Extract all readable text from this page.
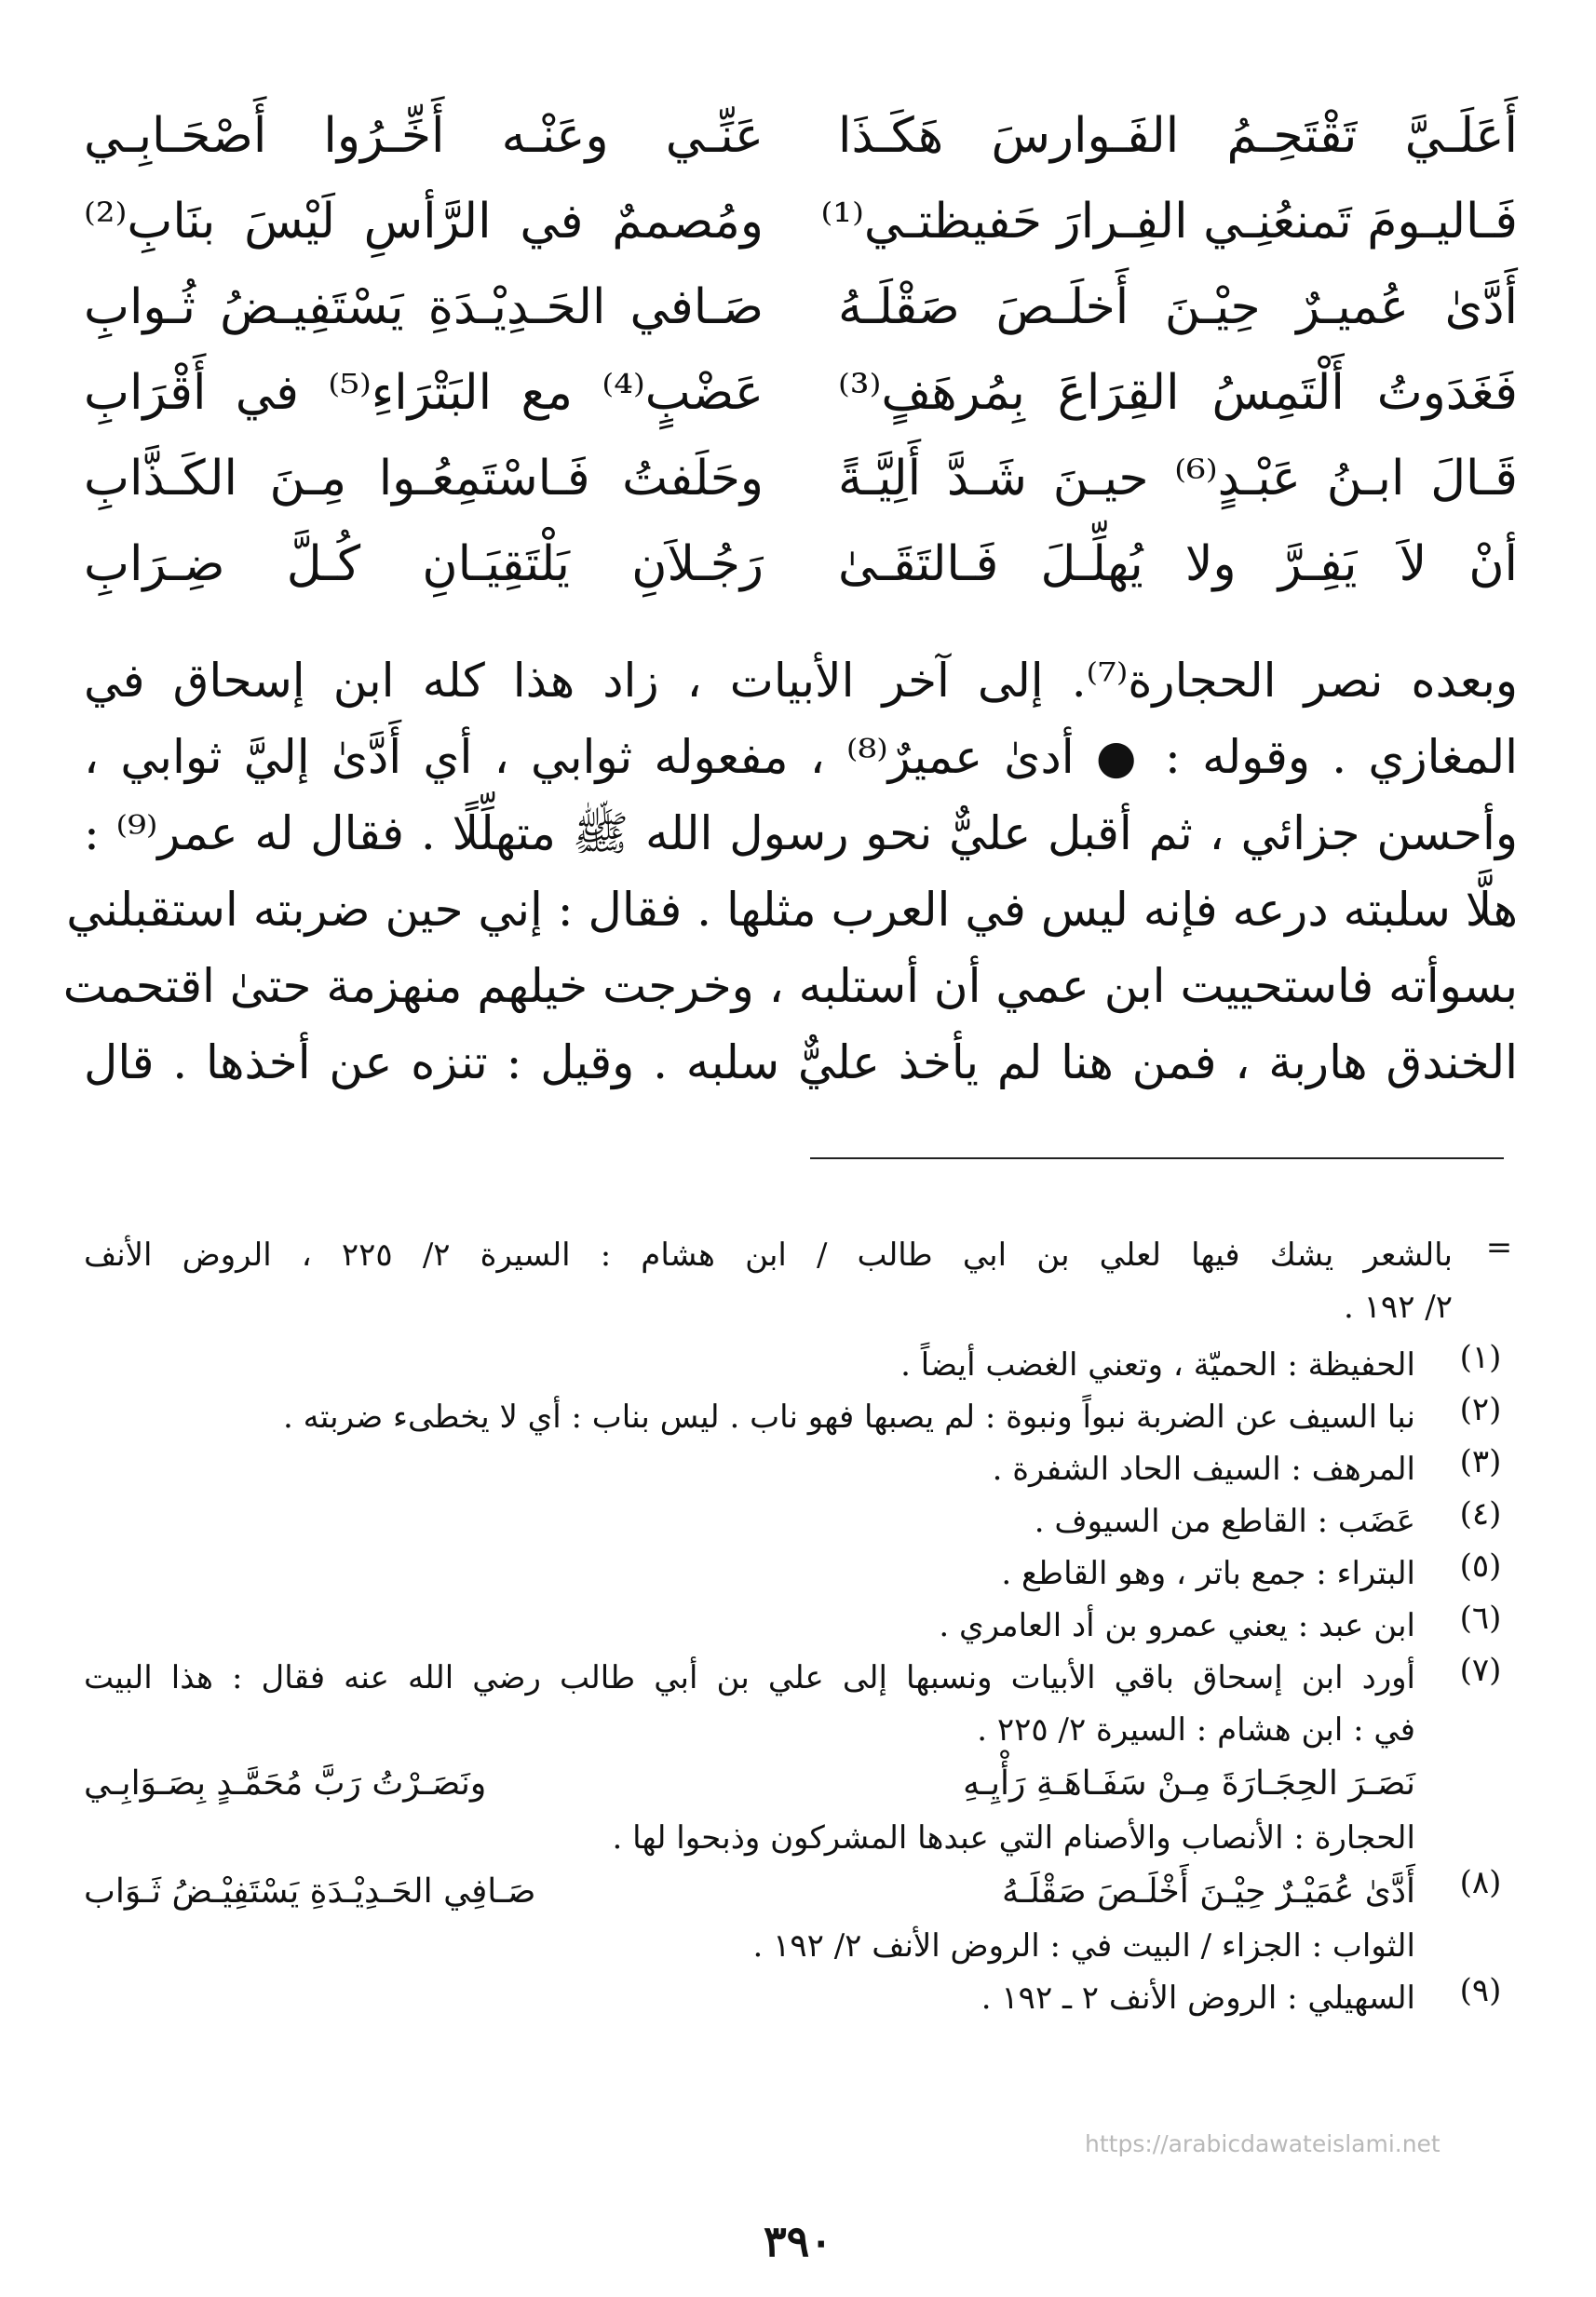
أَعَلَـيَّ تَقْتَحِـمُ الفَـوارسَ هَكَـذَا
عَنِّـي وعَنْـه أَخِّـرُوا أَصْحَـابِـي
فَـاليـومَ تَمنعُنِـي الفِـرارَ حَفيظتـي⁽¹⁾
ومُصممٌ في الرَّأسِ لَيْسَ بنَابِ⁽²⁾
أَدَّىٰ عُميـرٌ حِيْـنَ أَخلَـصَ صَقْلَـهُ
صَـافي الحَـدِيْـدَةِ يَسْتَفِيـضُ ثُـوابِ
فَغَدَوتُ أَلْتَمِسُ القِرَاعَ بِمُرهَفٍ⁽³⁾
عَضْبٍ⁽⁴⁾ مع البَتْرَاءِ⁽⁵⁾ في أَقْرَابِ
قَـالَ ابـنُ عَبْـدٍ⁽⁶⁾ حيـنَ شَـدَّ أَلِيَّـةً
وحَلَفتُ فَـاسْتَمِعُـوا مِـنَ الكَـذَّابِ
أنْ لاَ يَفِـرَّ ولا يُهلِّـلَ فَـالتَقَـىٰ
رَجُـلاَنِ يَلْتَقِيَـانِ كُـلَّ ضِـرَابِ
وبعده نصر الحجارة⁽⁷⁾. إلى آخر الأبيات ، زاد هذا كله ابن إسحاق في
المغازي . وقوله : ● أدىٰ عميرٌ⁽⁸⁾ ، مفعوله ثوابي ، أي أَدَّىٰ إليَّ ثوابي ،
وأحسن جزائي ، ثم أقبل عليٌّ نحو رسول الله ﷺ متهلِّلًا . فقال له عمر⁽⁹⁾ :
هلَّا سلبته درعه فإنه ليس في العرب مثلها . فقال : إني حين ضربته استقبلني
بسوأته فاستحييت ابن عمي أن أستلبه ، وخرجت خيلهم منهزمة حتىٰ اقتحمت
الخندق هاربة ، فمن هنا لم يأخذ عليٌّ سلبه . وقيل : تنزه عن أخذها . قال
=
بالشعر يشك فيها لعلي بن ابي طالب / ابن هشام : السيرة ٢/ ٢٢٥ ، الروض الأنف
٢/ ١٩٢ .
(١)
الحفيظة : الحميّة ، وتعني الغضب أيضاً .
(٢)
نبا السيف عن الضربة نبواً ونبوة : لم يصبها فهو ناب . ليس بناب : أي لا يخطىء ضربته .
(٣)
المرهف : السيف الحاد الشفرة .
(٤)
عَضَب : القاطع من السيوف .
(٥)
البتراء : جمع باتر ، وهو القاطع .
(٦)
ابن عبد : يعني عمرو بن أد العامري .
(٧)
أورد ابن إسحاق باقي الأبيات ونسبها إلى علي بن أبي طالب رضي الله عنه فقال : هذا البيت
في : ابن هشام : السيرة ٢/ ٢٢٥ .
نَصَـرَ الحِجَـارَةَ مِـنْ سَفَـاهَـةِ رَأْيِـهِ
ونَصَـرْتُ رَبَّ مُحَمَّـدٍ بِصَـوَابِـي
الحجارة : الأنصاب والأصنام التي عبدها المشركون وذبحوا لها .
(٨)
أَدَّىٰ عُمَيْـرٌ حِيْـنَ أَخْلَـصَ صَقْلَـهُ
صَـافِي الحَـدِيْـدَةِ يَسْتَفِيْـضُ ثَـوَاب
الثواب : الجزاء / البيت في : الروض الأنف ٢/ ١٩٢ .
(٩)
السهيلي : الروض الأنف ٢ ـ ١٩٢ .
https://arabicdawateislami.net
٣٩٠
